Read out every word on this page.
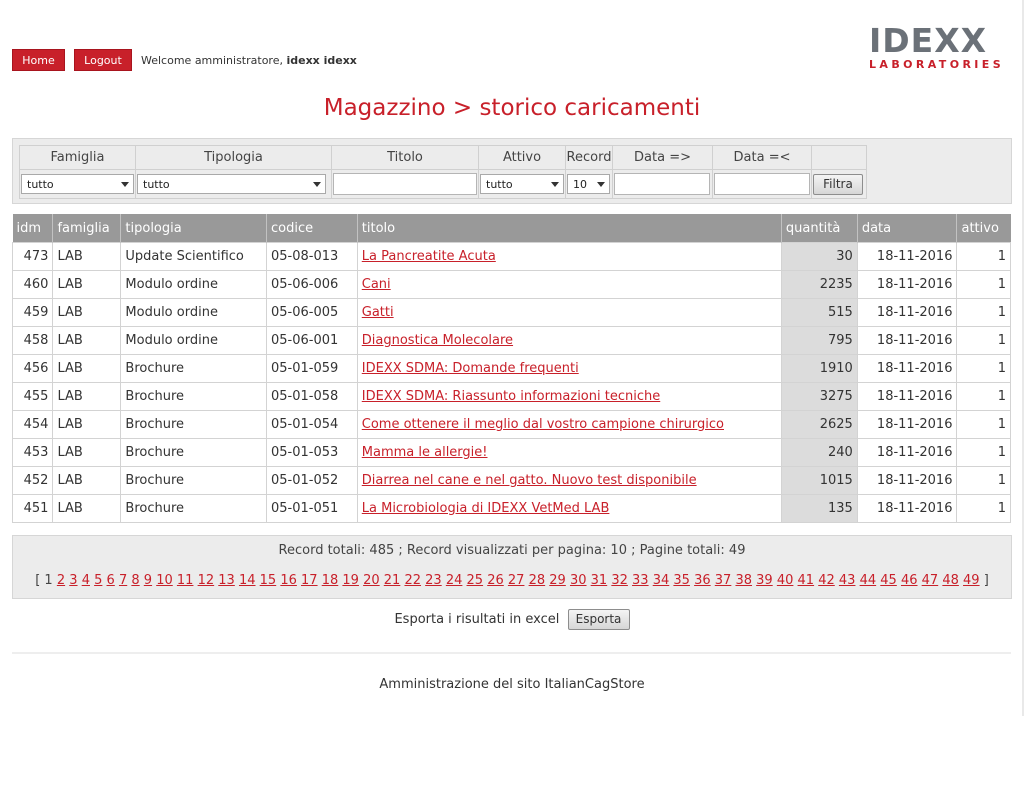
Home	Logout	Welcome amministratore, idexx idexx
IDEXX
LABORATORIES
Magazzino > storico caricamenti
Famiglia	Tipologia	Titolo	Attivo	Record	Data =>	Data =<	

tutto	tutto		tutto	10			Filtra
idm	famiglia	tipologia	codice	titolo	quantità	data	attivo
473	LAB	Update Scientifico	05-08-013	La Pancreatite Acuta	30	18-11-2016	1
460	LAB	Modulo ordine	05-06-006	Cani	2235	18-11-2016	1
459	LAB	Modulo ordine	05-06-005	Gatti	515	18-11-2016	1
458	LAB	Modulo ordine	05-06-001	Diagnostica Molecolare	795	18-11-2016	1
456	LAB	Brochure	05-01-059	IDEXX SDMA: Domande frequenti	1910	18-11-2016	1
455	LAB	Brochure	05-01-058	IDEXX SDMA: Riassunto informazioni tecniche	3275	18-11-2016	1
454	LAB	Brochure	05-01-054	Come ottenere il meglio dal vostro campione chirurgico	2625	18-11-2016	1
453	LAB	Brochure	05-01-053	Mamma le allergie!	240	18-11-2016	1
452	LAB	Brochure	05-01-052	Diarrea nel cane e nel gatto. Nuovo test disponibile	1015	18-11-2016	1
451	LAB	Brochure	05-01-051	La Microbiologia di IDEXX VetMed LAB	135	18-11-2016	1
Record totali: 485 ; Record visualizzati per pagina: 10 ; Pagine totali: 49
[ 1 2 3 4 5 6 7 8 9 10 11 12 13 14 15 16 17 18 19 20 21 22 23 24 25 26 27 28 29 30 31 32 33 34 35 36 37 38 39 40 41 42 43 44 45 46 47 48 49 ]
Esporta i risultati in excel Esporta
Amministrazione del sito ItalianCagStore
